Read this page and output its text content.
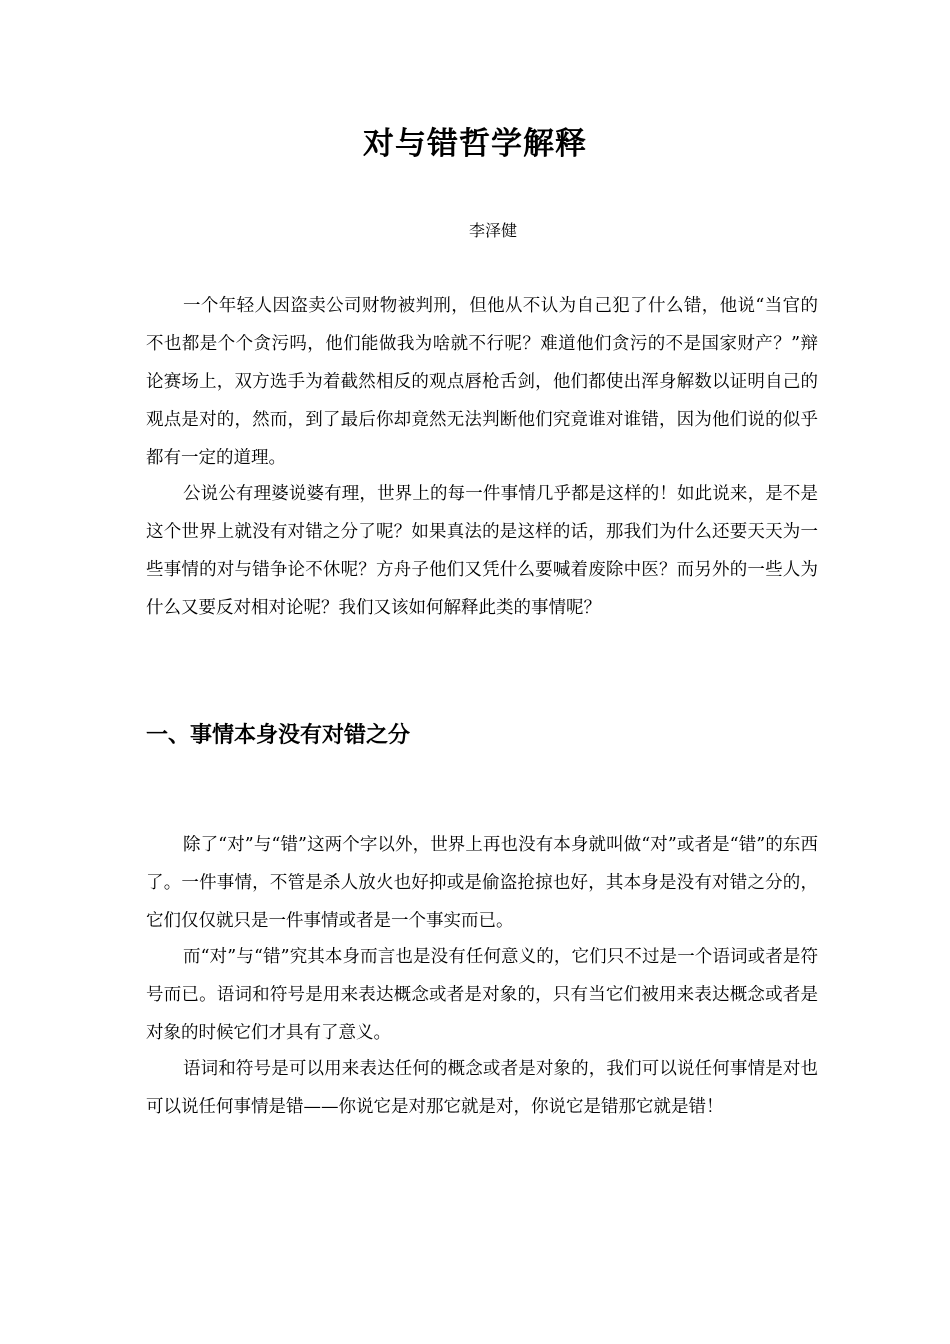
对与错哲学解释

李泽健

一个年轻人因盗卖公司财物被判刑，但他从不认为自己犯了什么错，他说“当官的不也都是个个贪污吗，他们能做我为啥就不行呢？难道他们贪污的不是国家财产？”辩论赛场上，双方选手为着截然相反的观点唇枪舌剑，他们都使出浑身解数以证明自己的观点是对的，然而，到了最后你却竟然无法判断他们究竟谁对谁错，因为他们说的似乎都有一定的道理。

公说公有理婆说婆有理，世界上的每一件事情几乎都是这样的！如此说来，是不是这个世界上就没有对错之分了呢？如果真法的是这样的话，那我们为什么还要天天为一些事情的对与错争论不休呢？方舟子他们又凭什么要喊着废除中医？而另外的一些人为什么又要反对相对论呢？我们又该如何解释此类的事情呢？

一、事情本身没有对错之分

除了“对”与“错”这两个字以外，世界上再也没有本身就叫做“对”或者是“错”的东西了。一件事情，不管是杀人放火也好抑或是偷盗抢掠也好，其本身是没有对错之分的，它们仅仅就只是一件事情或者是一个事实而已。

而“对”与“错”究其本身而言也是没有任何意义的，它们只不过是一个语词或者是符号而已。语词和符号是用来表达概念或者是对象的，只有当它们被用来表达概念或者是对象的时候它们才具有了意义。

语词和符号是可以用来表达任何的概念或者是对象的，我们可以说任何事情是对也可以说任何事情是错——你说它是对那它就是对，你说它是错那它就是错！
